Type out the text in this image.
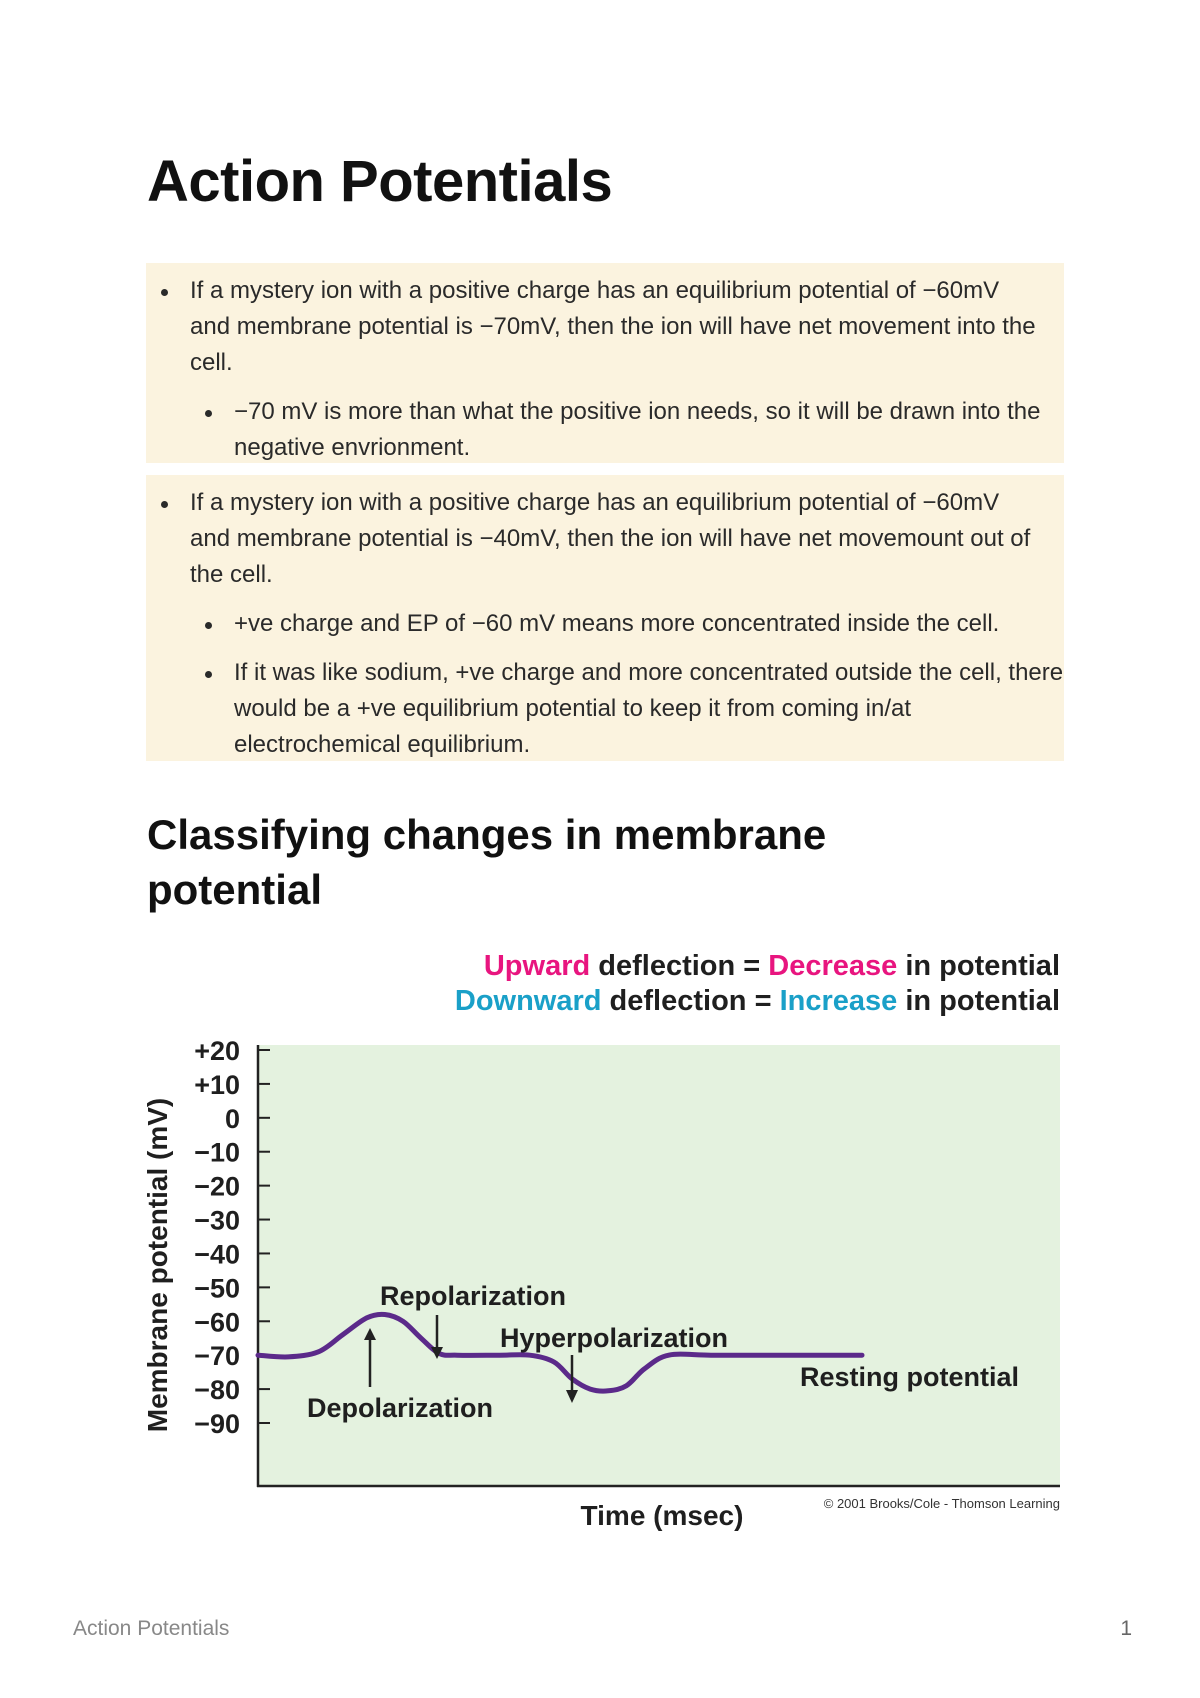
Action Potentials
If a mystery ion with a positive charge has an equilibrium potential of −60mV and membrane potential is −70mV, then the ion will have net movement into the cell.
−70 mV is more than what the positive ion needs, so it will be drawn into the negative envrionment.
If a mystery ion with a positive charge has an equilibrium potential of −60mV and membrane potential is −40mV, then the ion will have net movemount out of the cell.
+ve charge and EP of −60 mV means more concentrated inside the cell.
If it was like sodium, +ve charge and more concentrated outside the cell, there would be a +ve equilibrium potential to keep it from coming in/at electrochemical equilibrium.
Classifying changes in membrane potential
Upward deflection = Decrease in potential
Downward deflection = Increase in potential
+20
+10
0
−10
−20
−30
−40
−50
−60
−70
−80
−90
Membrane potential (mV)	Repolarization
Hyperpolarization
Depolarization
Resting potential
Time (msec)	© 2001 Brooks/Cole - Thomson Learning
Action Potentials	1
